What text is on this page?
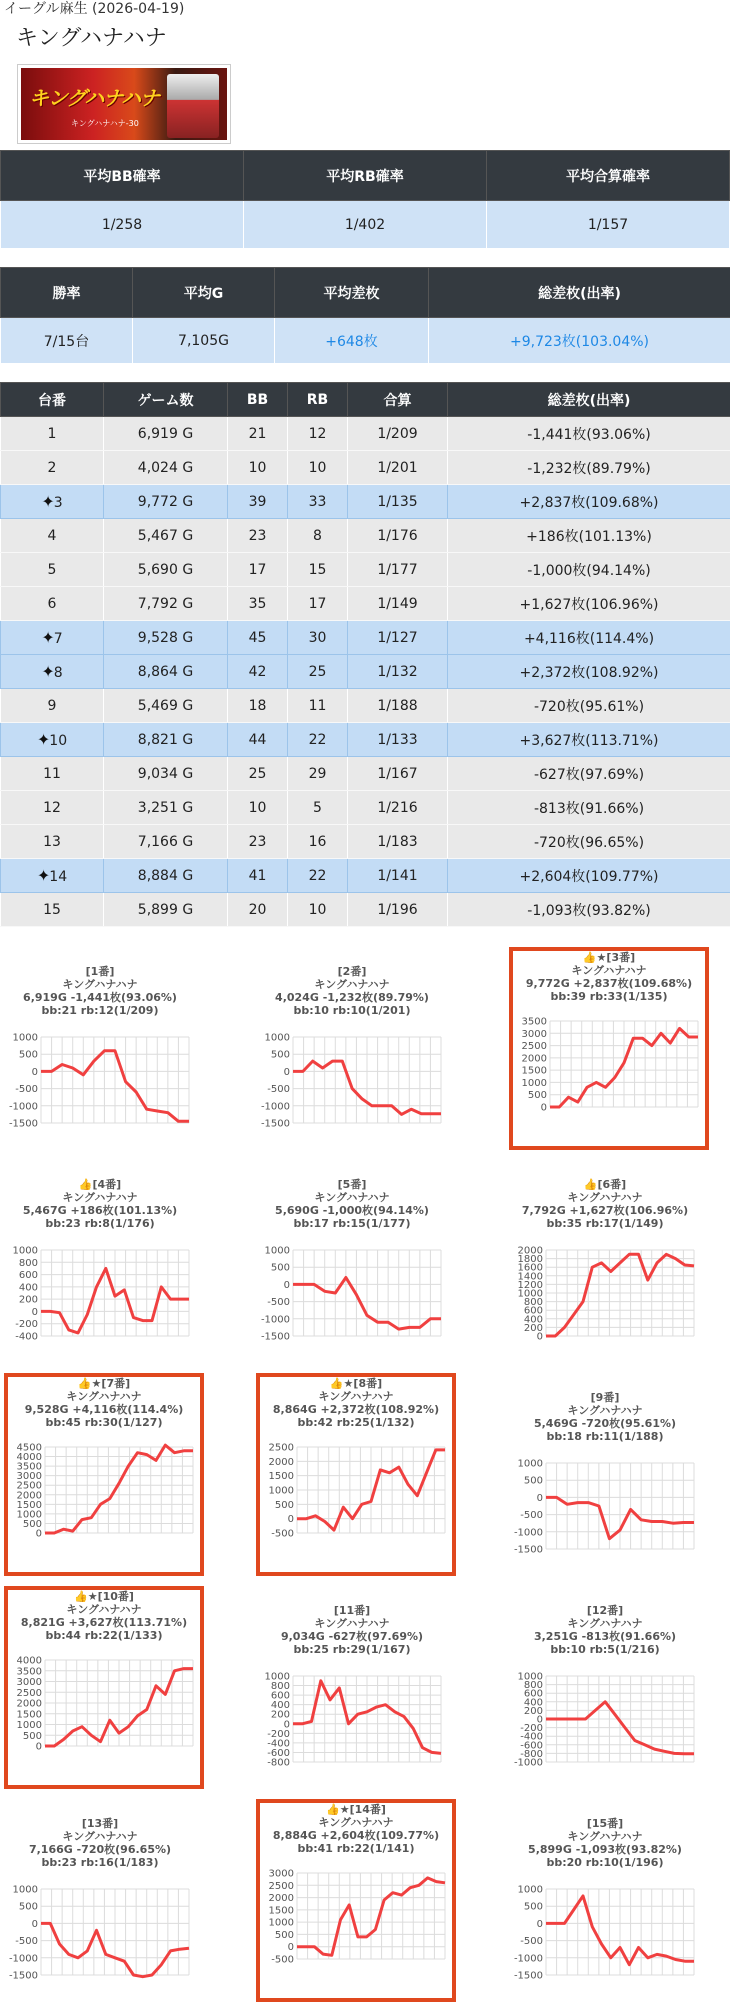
イーグル麻生 (2026-04-19)
キングハナハナ
キングハナハナ
キングハナハナ-30
平均BB確率	平均RB確率	平均合算確率
1/258	1/402	1/157
勝率	平均G	平均差枚	総差枚(出率)
7/15台	7,105G	+648枚	+9,723枚(103.04%)
台番	ゲーム数	BB	RB	合算	総差枚(出率)
1	6,919 G	21	12	1/209	-1,441枚(93.06%)
2	4,024 G	10	10	1/201	-1,232枚(89.79%)
✦3	9,772 G	39	33	1/135	+2,837枚(109.68%)
4	5,467 G	23	8	1/176	+186枚(101.13%)
5	5,690 G	17	15	1/177	-1,000枚(94.14%)
6	7,792 G	35	17	1/149	+1,627枚(106.96%)
✦7	9,528 G	45	30	1/127	+4,116枚(114.4%)
✦8	8,864 G	42	25	1/132	+2,372枚(108.92%)
9	5,469 G	18	11	1/188	-720枚(95.61%)
✦10	8,821 G	44	22	1/133	+3,627枚(113.71%)
11	9,034 G	25	29	1/167	-627枚(97.69%)
12	3,251 G	10	5	1/216	-813枚(91.66%)
13	7,166 G	23	16	1/183	-720枚(96.65%)
✦14	8,884 G	41	22	1/141	+2,604枚(109.77%)
15	5,899 G	20	10	1/196	-1,093枚(93.82%)
[1番]
キングハナハナ
6,919G -1,441枚(93.06%)
bb:21 rb:12(1/209)
1000
500
0
-500
-1000
-1500
[2番]
キングハナハナ
4,024G -1,232枚(89.79%)
bb:10 rb:10(1/201)
1000
500
0
-500
-1000
-1500
👍★[3番]
キングハナハナ
9,772G +2,837枚(109.68%)
bb:39 rb:33(1/135)
3500
3000
2500
2000
1500
1000
500
0
👍[4番]
キングハナハナ
5,467G +186枚(101.13%)
bb:23 rb:8(1/176)
1000
800
600
400
200
0
-200
-400
[5番]
キングハナハナ
5,690G -1,000枚(94.14%)
bb:17 rb:15(1/177)
1000
500
0
-500
-1000
-1500
👍[6番]
キングハナハナ
7,792G +1,627枚(106.96%)
bb:35 rb:17(1/149)
2000
1800
1600
1400
1200
1000
800
600
400
200
0
👍★[7番]
キングハナハナ
9,528G +4,116枚(114.4%)
bb:45 rb:30(1/127)
4500
4000
3500
3000
2500
2000
1500
1000
500
0
👍★[8番]
キングハナハナ
8,864G +2,372枚(108.92%)
bb:42 rb:25(1/132)
2500
2000
1500
1000
500
0
-500
[9番]
キングハナハナ
5,469G -720枚(95.61%)
bb:18 rb:11(1/188)
1000
500
0
-500
-1000
-1500
👍★[10番]
キングハナハナ
8,821G +3,627枚(113.71%)
bb:44 rb:22(1/133)
4000
3500
3000
2500
2000
1500
1000
500
0
[11番]
キングハナハナ
9,034G -627枚(97.69%)
bb:25 rb:29(1/167)
1000
800
600
400
200
0
-200
-400
-600
-800
[12番]
キングハナハナ
3,251G -813枚(91.66%)
bb:10 rb:5(1/216)
1000
800
600
400
200
0
-200
-400
-600
-800
-1000
[13番]
キングハナハナ
7,166G -720枚(96.65%)
bb:23 rb:16(1/183)
1000
500
0
-500
-1000
-1500
👍★[14番]
キングハナハナ
8,884G +2,604枚(109.77%)
bb:41 rb:22(1/141)
3000
2500
2000
1500
1000
500
0
-500
[15番]
キングハナハナ
5,899G -1,093枚(93.82%)
bb:20 rb:10(1/196)
1000
500
0
-500
-1000
-1500
